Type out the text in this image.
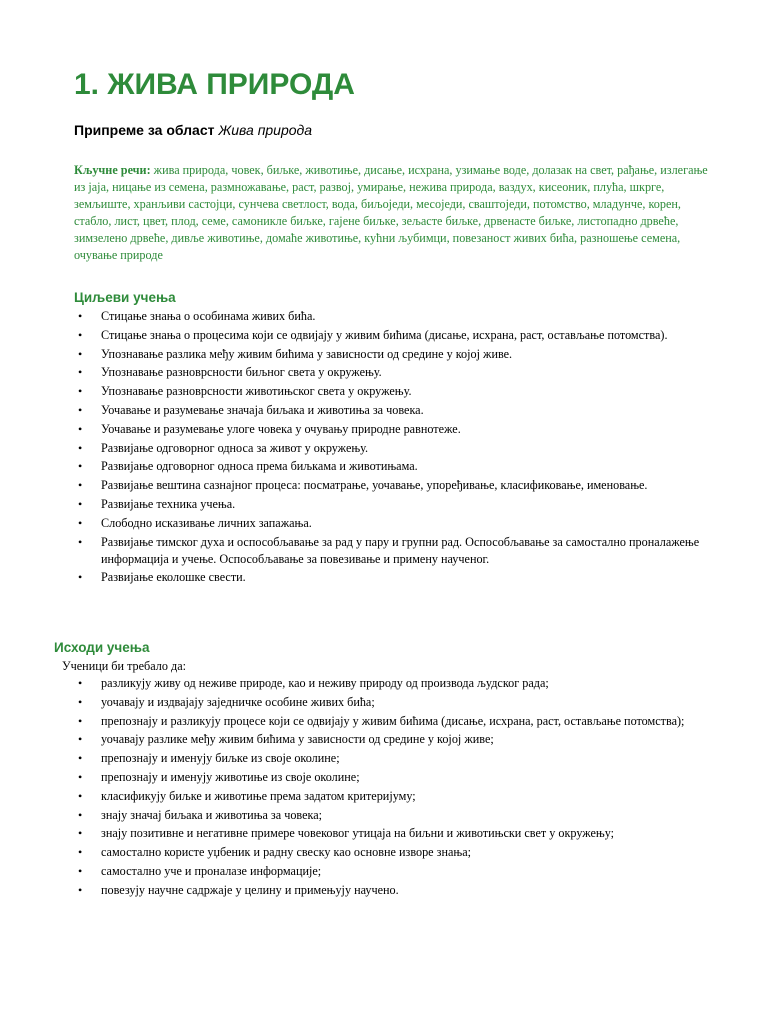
1. ЖИВА ПРИРОДА

Припреме за област Жива природа

Кључне речи: жива природа, човек, биљке, животиње, дисање, исхрана, узимање воде, долазак на свет, рађање, излегање из јаја, ницање из семена, размножавање, раст, развој, умирање, нежива природа, ваздух, кисеоник, плућа, шкрге, земљиште, хранљиви састојци, сунчева светлост, вода, биљоједи, месоједи, сваштоједи, потомство, младунче, корен, стабло, лист, цвет, плод, семе, самоникле биљке, гајене биљке, зељасте биљке, дрвенасте биљке, листопадно дрвеће, зимзелено дрвеће, дивље животиње, домаће животиње, кућни љубимци, повезаност живих бића, разношење семена, очување природе

Циљеви учења
• Стицање знања о особинама живих бића.
• Стицање знања о процесима који се одвијају у живим бићима (дисање, исхрана, раст, остављање потомства).
• Упознавање разлика међу живим бићима у зависности од средине у којој живе.
• Упознавање разноврсности биљног света у окружењу.
• Упознавање разноврсности животињског света у окружењу.
• Уочавање и разумевање значаја биљака и животиња за човека.
• Уочавање и разумевање улоге човека у очувању природне равнотеже.
• Развијање одговорног односа за живот у окружењу.
• Развијање одговорног односа према биљкама и животињама.
• Развијање вештина сазнајног процеса: посматрање, уочавање, упоређивање, класификовање, именовање.
• Развијање техника учења.
• Слободно исказивање личних запажања.
• Развијање тимског духа и оспособљавање за рад у пару и групни рад. Оспособљавање за самостално проналажење информација и учење. Оспособљавање за повезивање и примену наученог.
• Развијање еколошке свести.
Исходи учења

Ученици би требало да:

• разликују живу од неживе природе, као и неживу природу од производа људског рада;
• уочавају и издвајају заједничке особине живих бића;
• препознају и разликују процесе који се одвијају у живим бићима (дисање, исхрана, раст, остављање потомства);
• уочавају разлике међу живим бићима у зависности од средине у којој живе;
• препознају и именују биљке из своје околине;
• препознају и именују животиње из своје околине;
• класификују биљке и животиње према задатом критеријуму;
• знају значај биљака и животиња за човека;
• знају позитивне и негативне примере човековог утицаја на биљни и животињски свет у окружењу;
• самостално користе уџбеник и радну свеску као основне изворе знања;
• самостално уче и проналазе информације;
• повезују научне садржаје у целину и примењују научено.
